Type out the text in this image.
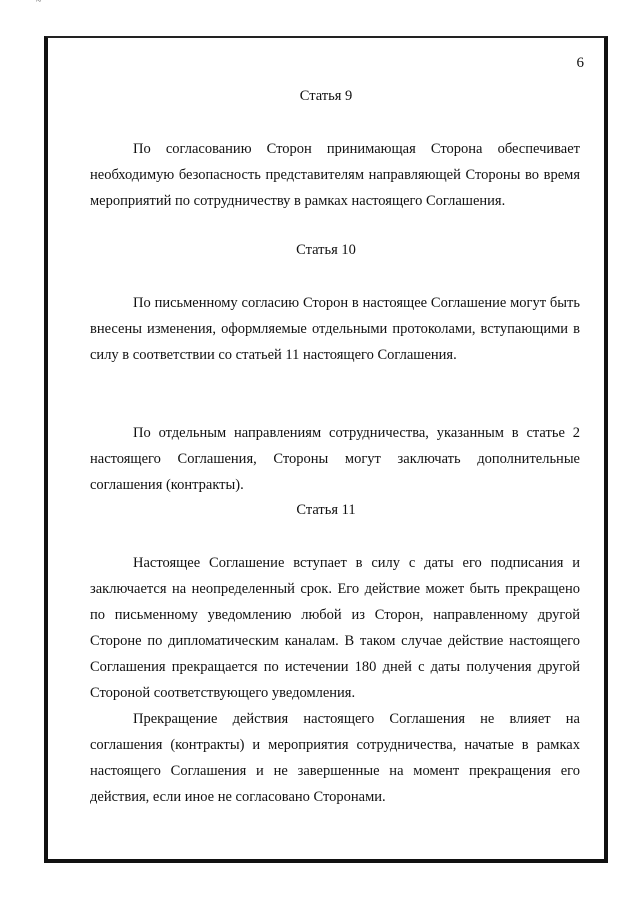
~
6
Статья 9

По согласованию Сторон принимающая Сторона обеспечивает необходимую безопасность представителям направляющей Стороны во время мероприятий по сотрудничеству в рамках настоящего Соглашения.

Статья 10

По письменному согласию Сторон в настоящее Соглашение могут быть внесены изменения, оформляемые отдельными протоколами, вступающими в силу в соответствии со статьей 11 настоящего Соглашения.

По отдельным направлениям сотрудничества, указанным в статье 2 настоящего Соглашения, Стороны могут заключать дополнительные соглашения (контракты).

Статья 11

Настоящее Соглашение вступает в силу с даты его подписания и заключается на неопределенный срок. Его действие может быть прекращено по письменному уведомлению любой из Сторон, направленному другой Стороне по дипломатическим каналам. В таком случае действие настоящего Соглашения прекращается по истечении 180 дней с даты получения другой Стороной соответствующего уведомления.

Прекращение действия настоящего Соглашения не влияет на соглашения (контракты) и мероприятия сотрудничества, начатые в рамках настоящего Соглашения и не завершенные на момент прекращения его действия, если иное не согласовано Сторонами.
